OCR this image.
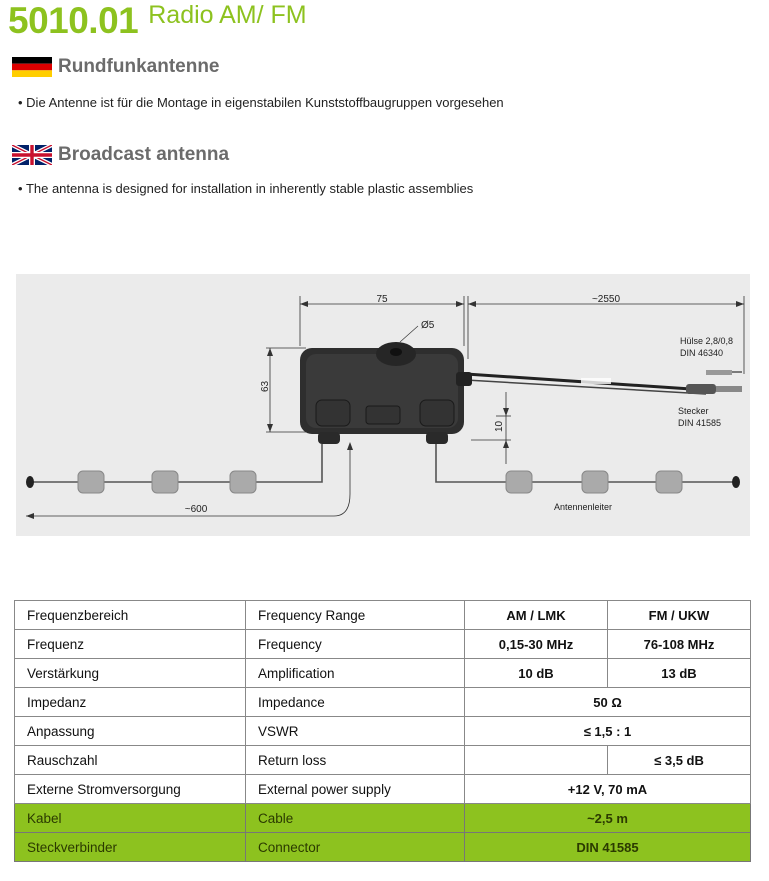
5010.01 Radio AM/ FM
Rundfunkantenne
• Die Antenne ist für die Montage in eigenstabilen Kunststoffbaugruppen vorgesehen
Broadcast antenna
• The antenna is designed for installation in inherently stable plastic assemblies
75	~2550
Ø5
63
10
Hülse 2,8/0,8
DIN 46340
Stecker
DIN 41585
Antennenleiter
~600
Frequenzbereich	Frequency Range	AM / LMK	FM / UKW
Frequenz	Frequency	0,15-30 MHz	76-108 MHz
Verstärkung	Amplification	10 dB	13 dB
Impedanz	Impedance	50 Ω	
Anpassung	VSWR	≤ 1,5 : 1	
Rauschzahl	Return loss		≤ 3,5 dB
Externe Stromversorgung	External power supply	+12 V, 70 mA	
Kabel	Cable	~2,5 m	
Steckverbinder	Connector	DIN 41585	
